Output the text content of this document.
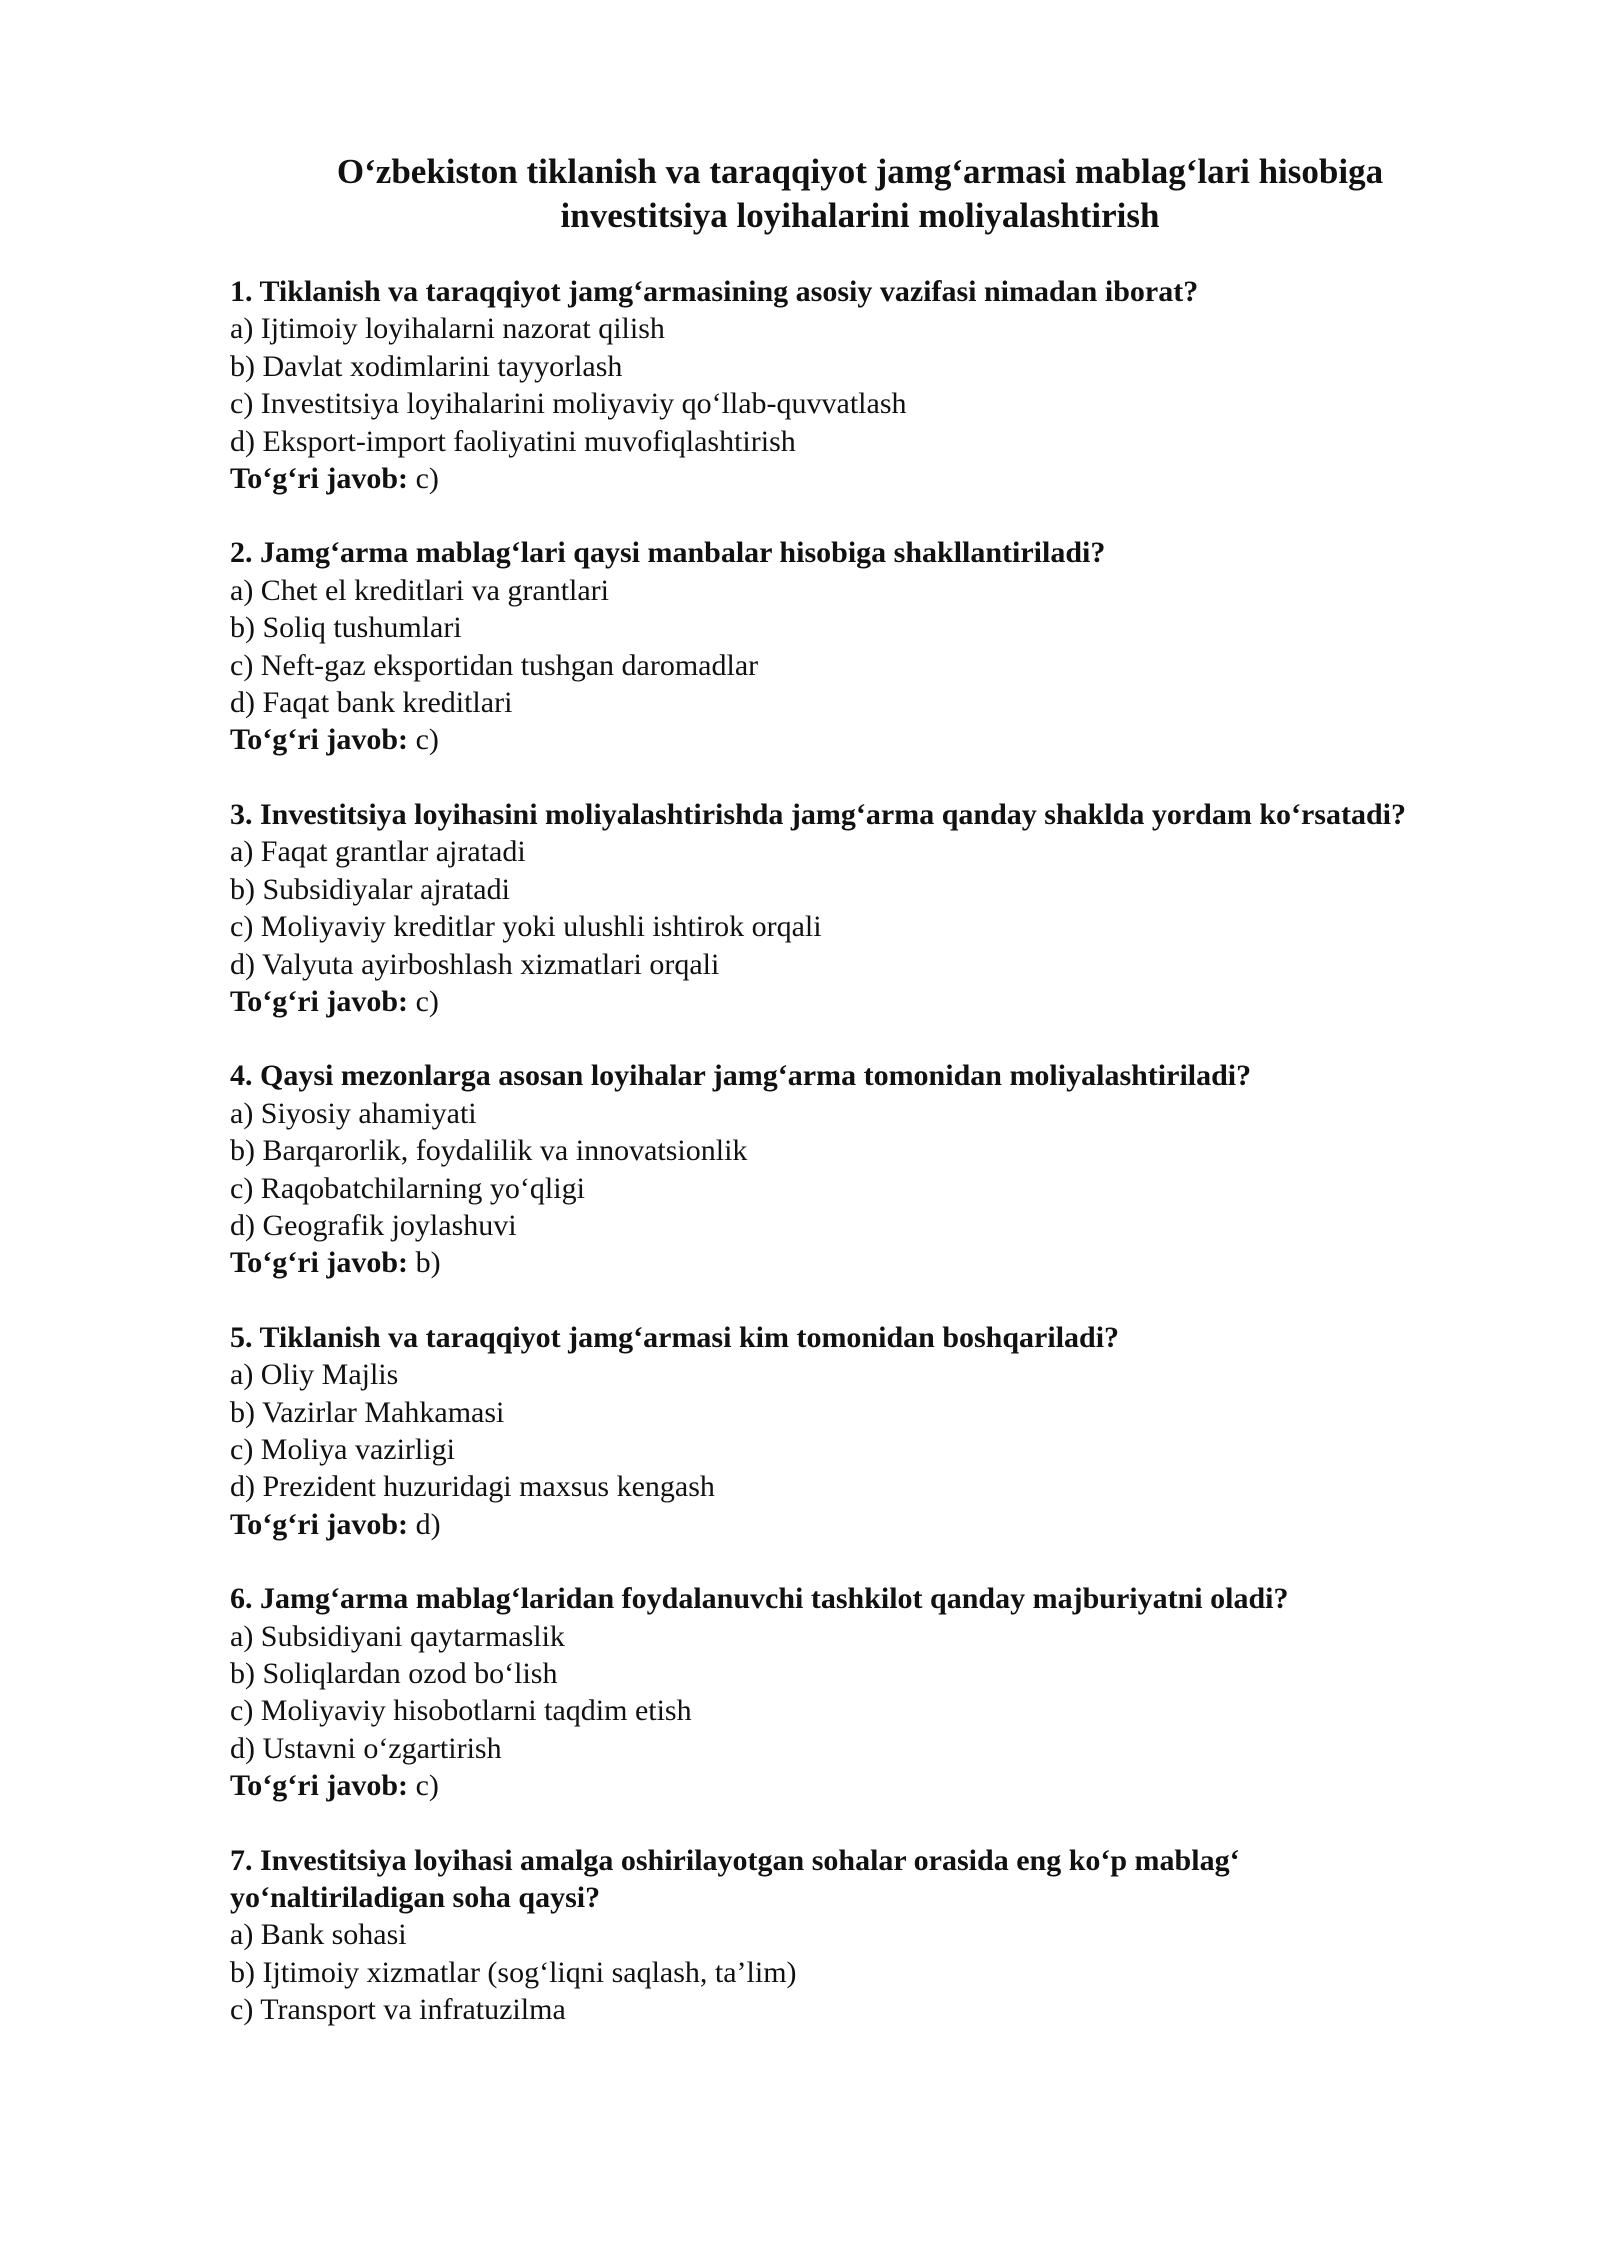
O‘zbekiston tiklanish va taraqqiyot jamg‘armasi mablag‘lari hisobiga
investitsiya loyihalarini moliyalashtirish

1. Tiklanish va taraqqiyot jamg‘armasining asosiy vazifasi nimadan iborat?

a) Ijtimoiy loyihalarni nazorat qilish

b) Davlat xodimlarini tayyorlash

c) Investitsiya loyihalarini moliyaviy qo‘llab-quvvatlash

d) Eksport-import faoliyatini muvofiqlashtirish

To‘g‘ri javob: c)

2. Jamg‘arma mablag‘lari qaysi manbalar hisobiga shakllantiriladi?

a) Chet el kreditlari va grantlari

b) Soliq tushumlari

c) Neft-gaz eksportidan tushgan daromadlar

d) Faqat bank kreditlari

To‘g‘ri javob: c)

3. Investitsiya loyihasini moliyalashtirishda jamg‘arma qanday shaklda yordam ko‘rsatadi?

a) Faqat grantlar ajratadi

b) Subsidiyalar ajratadi

c) Moliyaviy kreditlar yoki ulushli ishtirok orqali

d) Valyuta ayirboshlash xizmatlari orqali

To‘g‘ri javob: c)

4. Qaysi mezonlarga asosan loyihalar jamg‘arma tomonidan moliyalashtiriladi?

a) Siyosiy ahamiyati

b) Barqarorlik, foydalilik va innovatsionlik

c) Raqobatchilarning yo‘qligi

d) Geografik joylashuvi

To‘g‘ri javob: b)

5. Tiklanish va taraqqiyot jamg‘armasi kim tomonidan boshqariladi?

a) Oliy Majlis

b) Vazirlar Mahkamasi

c) Moliya vazirligi

d) Prezident huzuridagi maxsus kengash

To‘g‘ri javob: d)

6. Jamg‘arma mablag‘laridan foydalanuvchi tashkilot qanday majburiyatni oladi?

a) Subsidiyani qaytarmaslik

b) Soliqlardan ozod bo‘lish

c) Moliyaviy hisobotlarni taqdim etish

d) Ustavni o‘zgartirish

To‘g‘ri javob: c)

7. Investitsiya loyihasi amalga oshirilayotgan sohalar orasida eng ko‘p mablag‘ yo‘naltiriladigan soha qaysi?

a) Bank sohasi

b) Ijtimoiy xizmatlar (sog‘liqni saqlash, ta’lim)

c) Transport va infratuzilma
